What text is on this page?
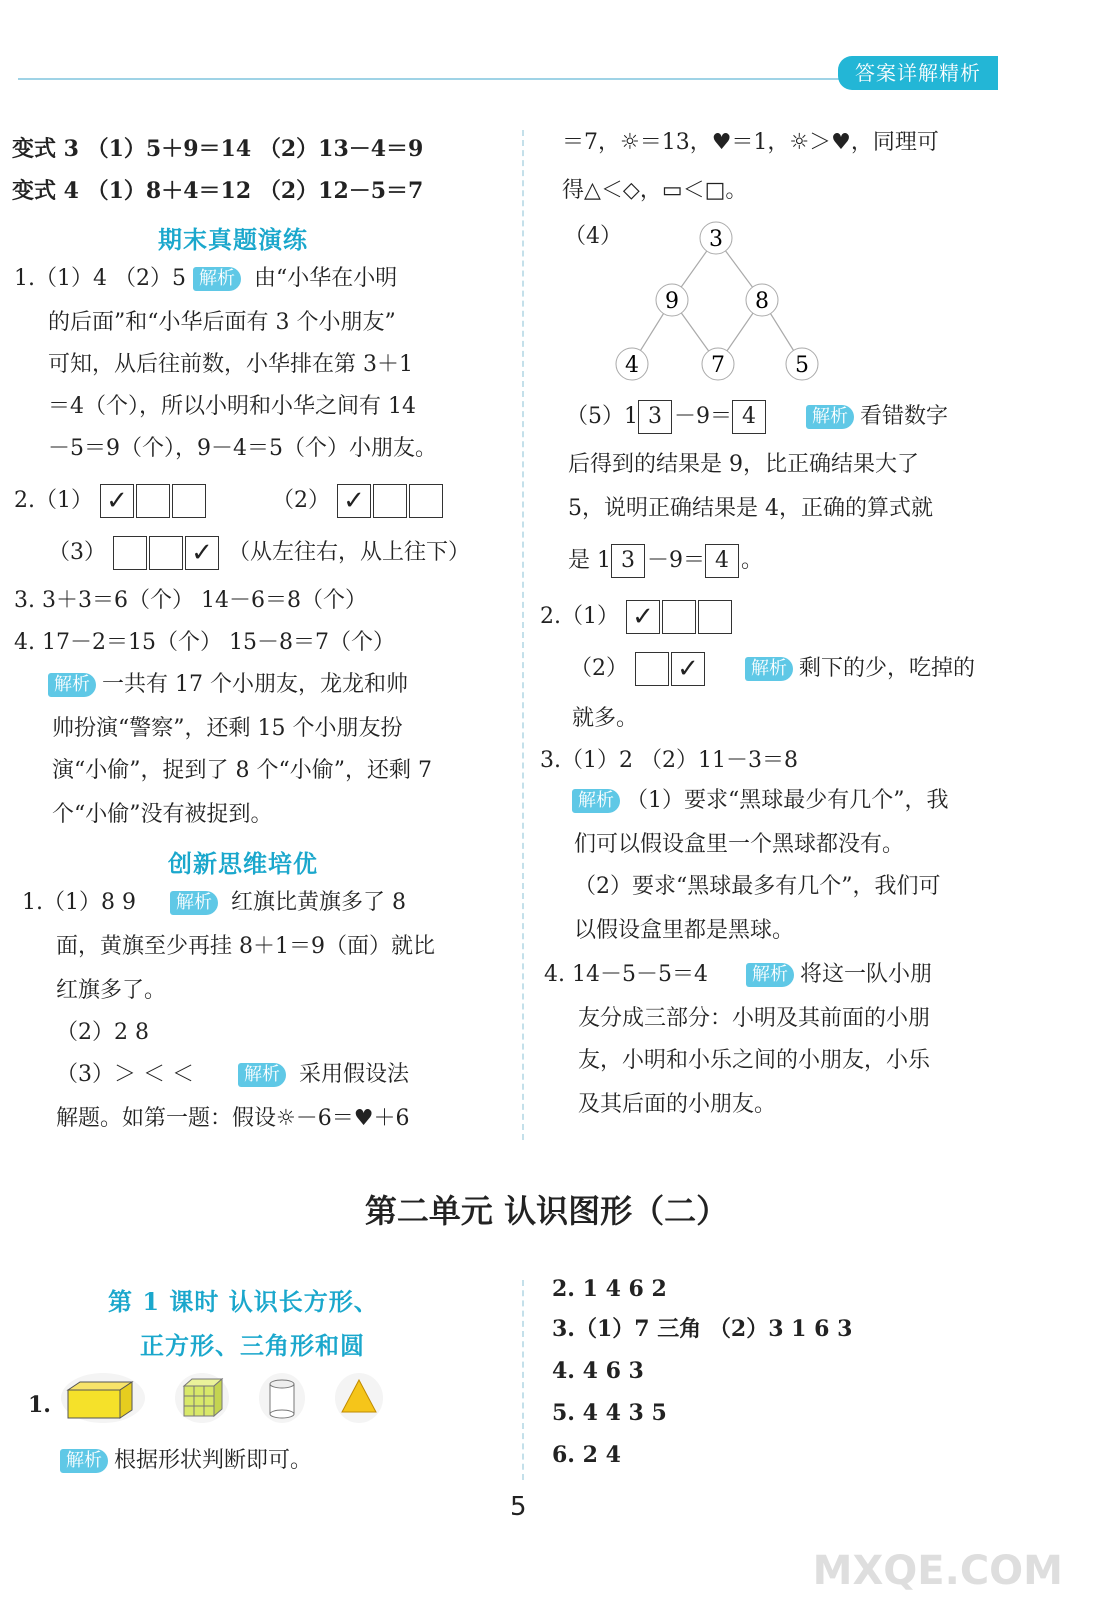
答案详解精析
变式 3 （1）5＋9＝14 （2）13－4＝9
变式 4 （1）8＋4＝12 （2）12－5＝7
期末真题演练
1.（1）4 （2）5 解析 由“小华在小明
的后面”和“小华后面有 3 个小朋友”
可知，从后往前数，小华排在第 3＋1
＝4（个），所以小明和小华之间有 14
－5＝9（个），9－4＝5（个）小朋友。
2.（1） ✓	（2） ✓
（3） ✓	（从左往右，从上往下）
3. 3＋3＝6（个） 14－6＝8（个）
4. 17－2＝15（个） 15－8＝7（个）
解析 一共有 17 个小朋友，龙龙和帅
帅扮演“警察”，还剩 15 个小朋友扮
演“小偷”，捉到了 8 个“小偷”，还剩 7
个“小偷”没有被捉到。
创新思维培优
1.（1）8 9 解析 红旗比黄旗多了 8
面，黄旗至少再挂 8＋1＝9（面）就比
红旗多了。
（2）2 8
（3）＞ ＜ ＜	解析 采用假设法
解题。如第一题：假设☼－6＝♥＋6
＝7，☼＝13，♥＝1，☼＞♥，同理可
得△＜◇，▭＜□。
（4）	3
9	8
4	7	5
（5）1 3 －9＝ 4	解析 看错数字
后得到的结果是 9，比正确结果大了
5，说明正确结果是 4，正确的算式就
是 1 3 －9＝ 4 。
2.（1） ✓
（2） ✓	解析 剩下的少，吃掉的
就多。
3.（1）2 （2）11－3＝8
解析 （1）要求“黑球最少有几个”，我
们可以假设盒里一个黑球都没有。
（2）要求“黑球最多有几个”，我们可
以假设盒里都是黑球。
4. 14－5－5＝4 解析 将这一队小朋
友分成三部分：小明及其前面的小朋
友，小明和小乐之间的小朋友，小乐
及其后面的小朋友。
第二单元 认识图形（二）
第 1 课时 认识长方形、
正方形、三角形和圆
1.
解析 根据形状判断即可。
2. 1 4 6 2
3.（1）7 三角 （2）3 1 6 3
4. 4 6 3
5. 4 4 3 5
6. 2 4
5
MXQE.COM
